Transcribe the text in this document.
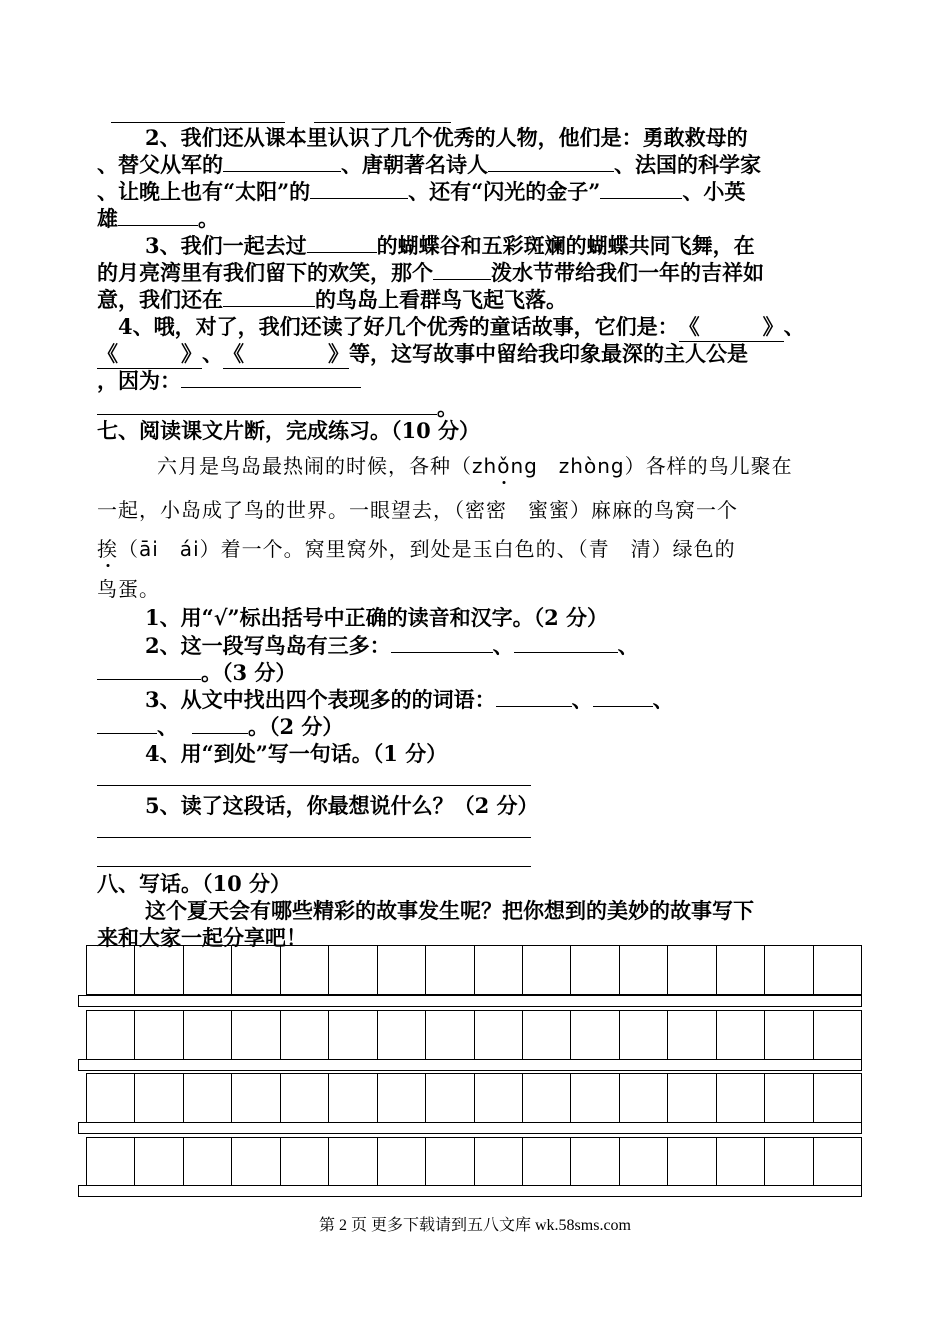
2、我们还从课本里认识了几个优秀的人物，他们是：勇敢救母的
、替父从军的	、唐朝著名诗人	、法国的科学家
、让晚上也有“太阳”的	、还有“闪光的金子”	、小英
雄	。
3、我们一起去过	的蝴蝶谷和五彩斑斓的蝴蝶共同飞舞，在
的月亮湾里有我们留下的欢笑，那个	泼水节带给我们一年的吉祥如
意，我们还在	的鸟岛上看群鸟飞起飞落。
4、哦，对了，我们还读了好几个优秀的童话故事，它们是：《　　　》、
《　　　》、《　　　　》等，这写故事中留给我印象最深的主人公是
，因为：
。
七、阅读课文片断，完成练习。（10 分）
六月是鸟岛最热闹的时候，各种（zhǒng　zhòng）各样的鸟儿聚在
一起，小岛成了鸟的世界。一眼望去，（密密　蜜蜜）麻麻的鸟窝一个
挨（āi　ái）着一个。窝里窝外，到处是玉白色的、（青　清）绿色的
鸟蛋。
1、用“√”标出括号中正确的读音和汉字。（2 分）
2、这一段写鸟岛有三多：	、	、
。（3 分）
3、从文中找出四个表现多的的词语：	、	、
、	。（2 分）
4、用“到处”写一句话。（1 分）
5、读了这段话，你最想说什么？（2 分）
八、写话。（10 分）
这个夏天会有哪些精彩的故事发生呢？把你想到的美妙的故事写下
来和大家一起分享吧！
第 2 页 更多下载请到五八文库 wk.58sms.com
